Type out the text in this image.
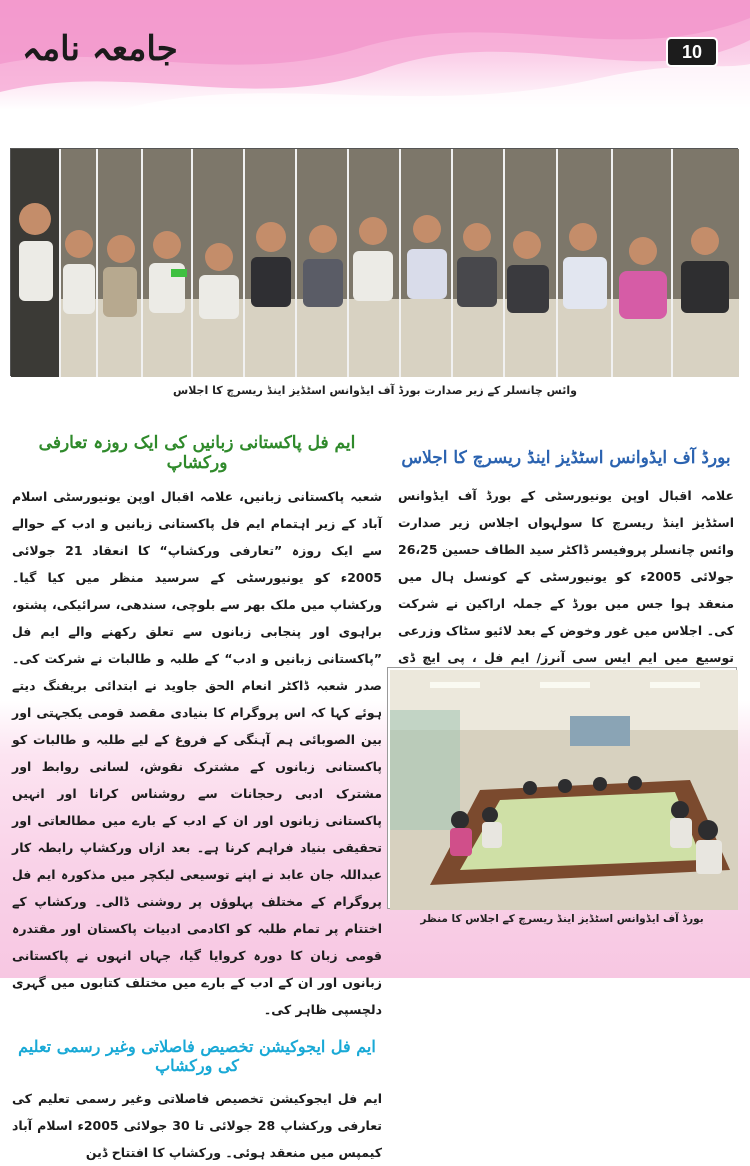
جامعہ نامہ	10
وائس چانسلر کے زیر صدارت بورڈ آف ایڈوانس اسٹڈیز اینڈ ریسرچ کا اجلاس
بورڈ آف ایڈوانس اسٹڈیز اینڈ ریسرچ کا اجلاس
علامہ اقبال اوپن یونیورسٹی کے بورڈ آف ایڈوانس اسٹڈیز اینڈ ریسرچ کا سولہواں اجلاس زیر صدارت وائس چانسلر پروفیسر ڈاکٹر سید الطاف حسین 26،25 جولائی 2005ء کو یونیورسٹی کے کونسل ہال میں منعقد ہوا جس میں بورڈ کے جملہ اراکین نے شرکت کی۔ اجلاس میں غور وخوض کے بعد لائیو سٹاک وزرعی توسیع میں ایم ایس سی آنرز/ ایم فل ، پی ایچ ڈی
بورڈ آف ایڈوانس اسٹڈیز اینڈ ریسرچ کے اجلاس کا منظر
ایم فل پاکستانی زبانیں کی ایک روزہ تعارفی ورکشاپ
شعبہ پاکستانی زبانیں، علامہ اقبال اوپن یونیورسٹی اسلام آباد کے زیر اہتمام ایم فل پاکستانی زبانیں و ادب کے حوالے سے ایک روزہ ”تعارفی ورکشاپ“ کا انعقاد 21 جولائی 2005ء کو یونیورسٹی کے سرسید منظر میں کیا گیا۔ ورکشاپ میں ملک بھر سے بلوچی، سندھی، سرائیکی، پشتو، براہوی اور پنجابی زبانوں سے تعلق رکھنے والے ایم فل ”پاکستانی زبانیں و ادب“ کے طلبہ و طالبات نے شرکت کی۔ صدر شعبہ ڈاکٹر انعام الحق جاوید نے ابتدائی بریفنگ دیتے ہوئے کہا کہ اس پروگرام کا بنیادی مقصد قومی یکجہتی اور بین الصوبائی ہم آہنگی کے فروغ کے لیے طلبہ و طالبات کو پاکستانی زبانوں کے مشترک نقوش، لسانی روابط اور مشترک ادبی رحجانات سے روشناس کرانا اور انہیں پاکستانی زبانوں اور ان کے ادب کے بارے میں مطالعاتی اور تحقیقی بنیاد فراہم کرنا ہے۔ بعد ازاں ورکشاپ رابطہ کار عبداللہ جان عابد نے اپنے توسیعی لیکچر میں مذکورہ ایم فل پروگرام کے مختلف پہلوؤں پر روشنی ڈالی۔ ورکشاپ کے اختتام پر تمام طلبہ کو اکادمی ادبیات پاکستان اور مقتدرہ قومی زبان کا دورہ کروایا گیا، جہاں انہوں نے پاکستانی زبانوں اور ان کے ادب کے بارے میں مختلف کتابوں میں گہری دلچسپی ظاہر کی۔
ایم فل ایجوکیشن تخصیص فاصلاتی وغیر رسمی تعلیم کی ورکشاپ
ایم فل ایجوکیشن تخصیص فاصلاتی وغیر رسمی تعلیم کی تعارفی ورکشاپ 28 جولائی تا 30 جولائی 2005ء اسلام آباد کیمپس میں منعقد ہوئی۔ ورکشاپ کا افتتاح ڈین
